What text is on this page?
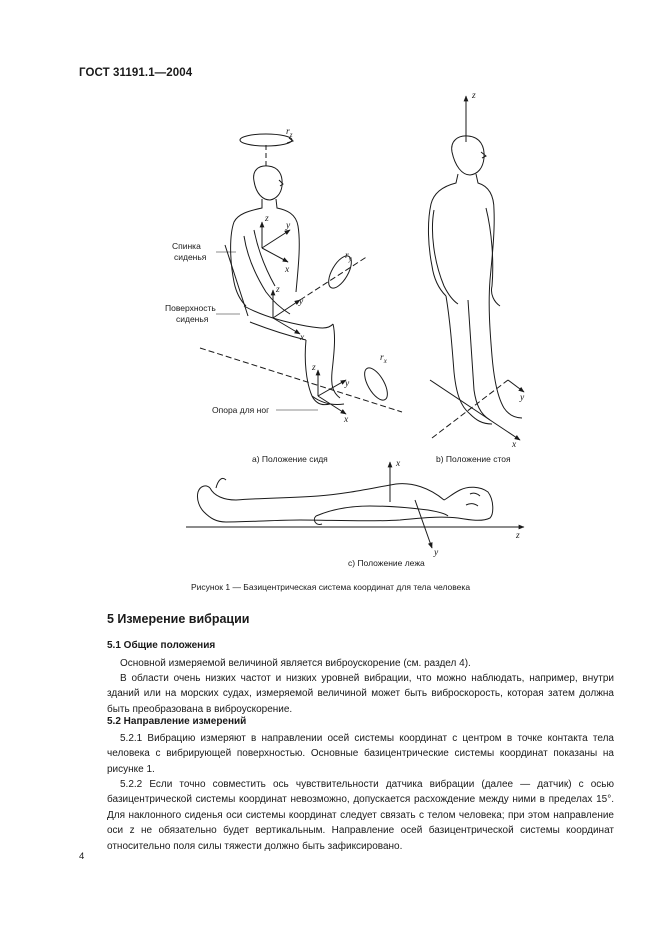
ГОСТ 31191.1—2004
Спинка
сиденья
Поверхность
сиденья
Опора для ног
z
y
x
z
y
x
z
y
x
$r_z$
$r_y$
$r_x$
z
y
x
a) Положение сидя	b) Положение стоя
x
z
y
c) Положение лежа
Рисунок 1 — Базицентрическая система координат для тела человека
5 Измерение вибрации
5.1 Общие положения
Основной измеряемой величиной является виброускорение (см. раздел 4).
В области очень низких частот и низких уровней вибрации, что можно наблюдать, например, внутри зданий или на морских судах, измеряемой величиной может быть виброскорость, которая затем должна быть преобразована в виброускорение.
5.2 Направление измерений
5.2.1 Вибрацию измеряют в направлении осей системы координат с центром в точке контакта тела человека с вибрирующей поверхностью. Основные базицентрические системы координат показаны на рисунке 1.
5.2.2 Если точно совместить ось чувствительности датчика вибрации (далее — датчик) с осью базицентрической системы координат невозможно, допускается расхождение между ними в пределах 15°. Для наклонного сиденья оси системы координат следует связать с телом человека; при этом направление оси z не обязательно будет вертикальным. Направление осей базицентрической системы координат относительно поля силы тяжести должно быть зафиксировано.
4
